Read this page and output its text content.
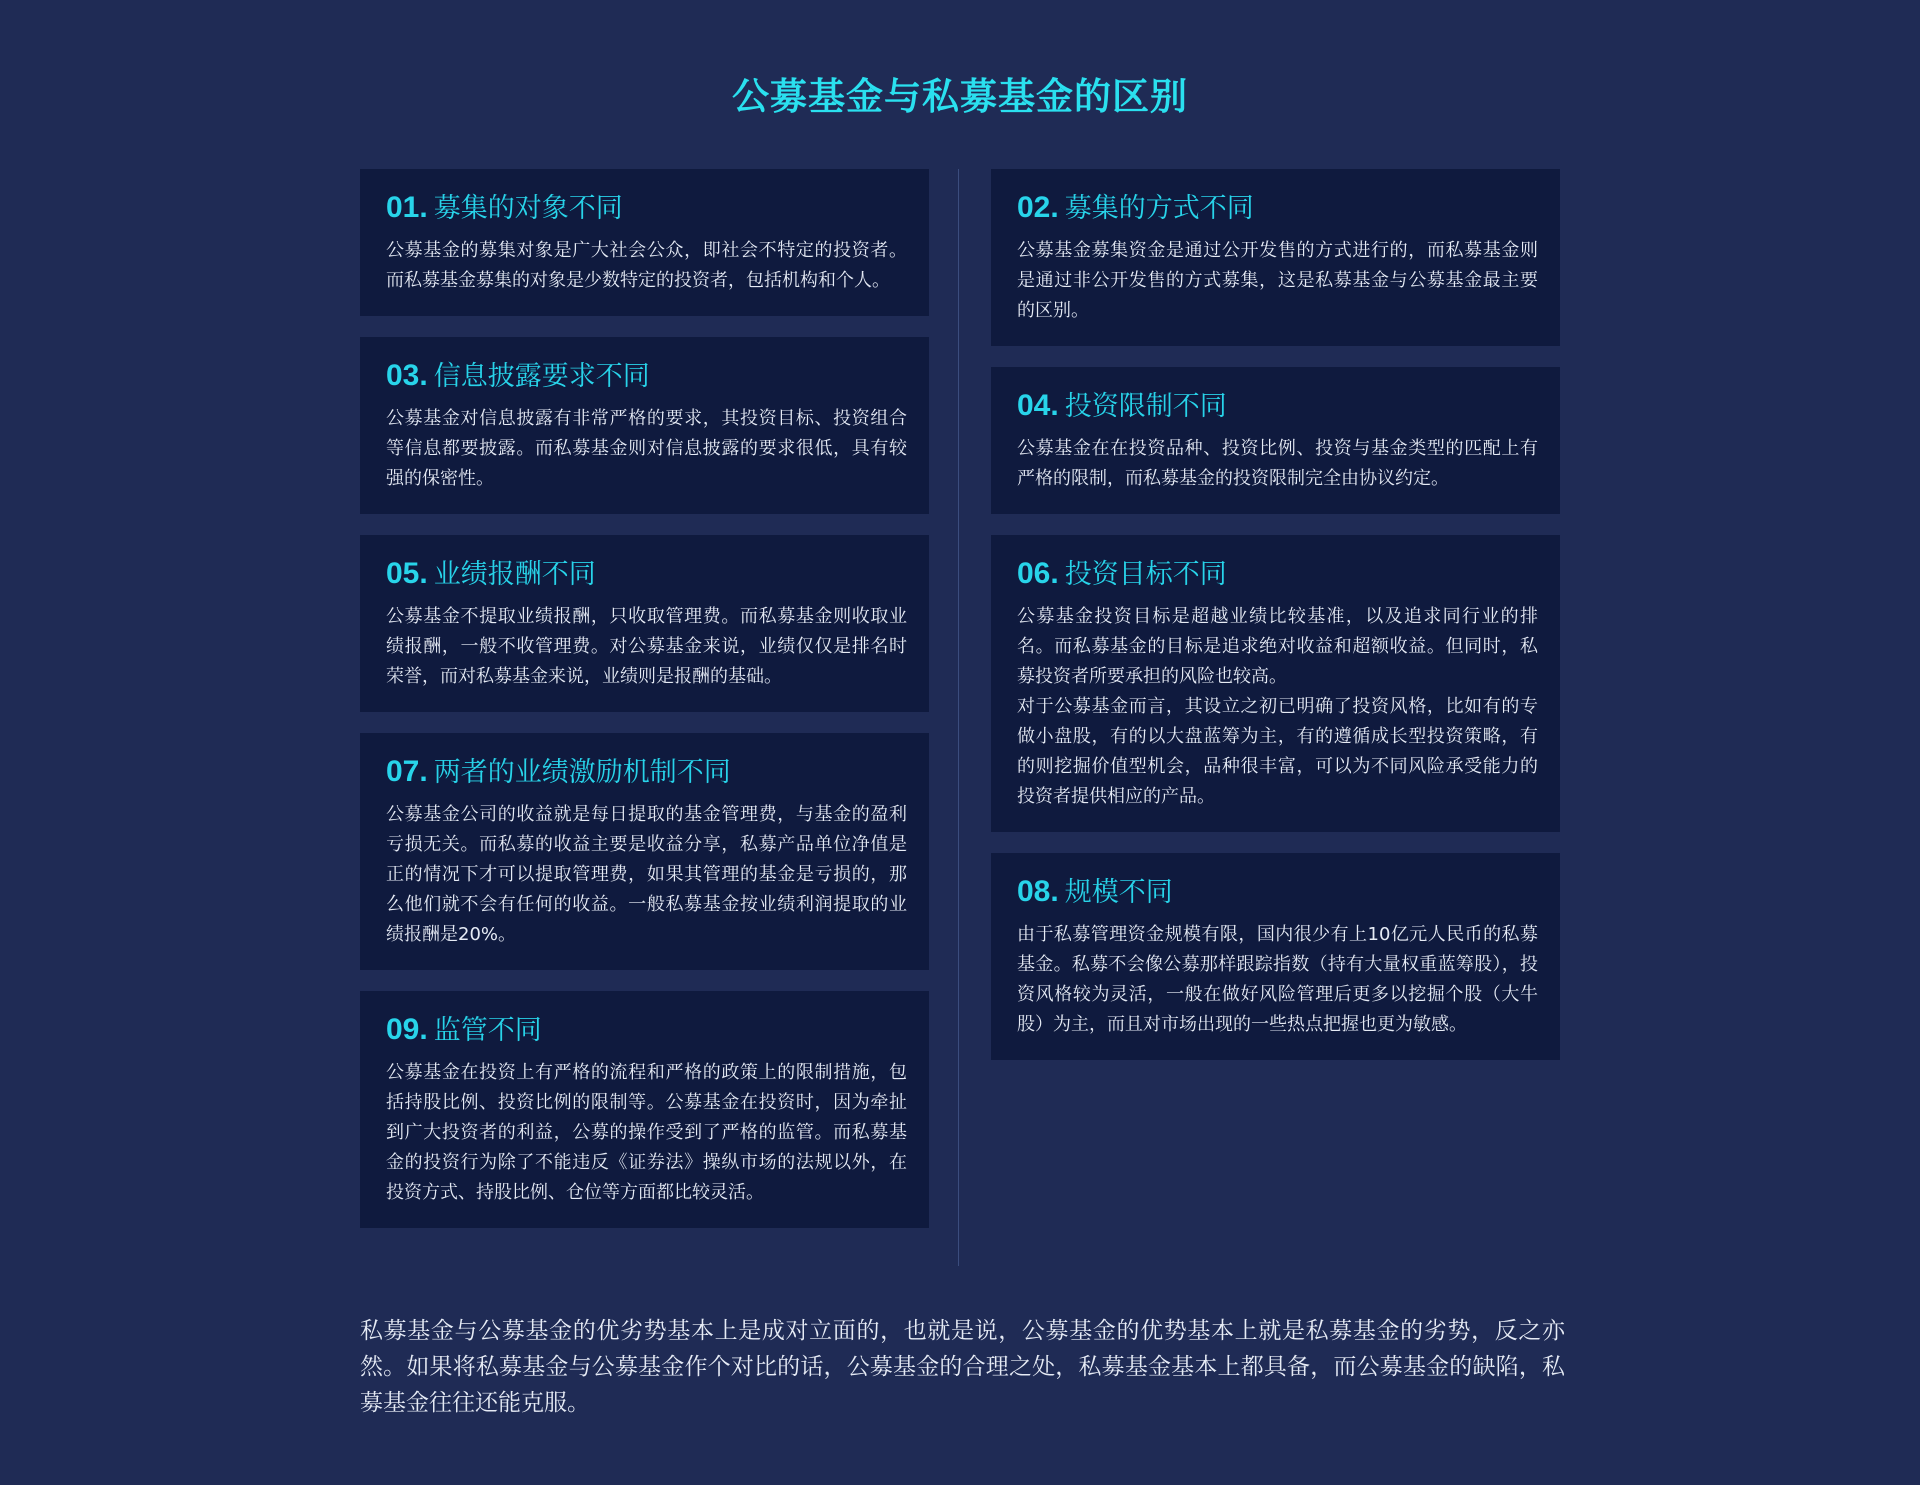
公募基金与私募基金的区别
01. 募集的对象不同

公募基金的募集对象是广大社会公众，即社会不特定的投资者。而私募基金募集的对象是少数特定的投资者，包括机构和个人。

03. 信息披露要求不同

公募基金对信息披露有非常严格的要求，其投资目标、投资组合等信息都要披露。而私募基金则对信息披露的要求很低，具有较强的保密性。

05. 业绩报酬不同

公募基金不提取业绩报酬，只收取管理费。而私募基金则收取业绩报酬，一般不收管理费。对公募基金来说，业绩仅仅是排名时荣誉，而对私募基金来说，业绩则是报酬的基础。

07. 两者的业绩激励机制不同

公募基金公司的收益就是每日提取的基金管理费，与基金的盈利亏损无关。而私募的收益主要是收益分享，私募产品单位净值是正的情况下才可以提取管理费，如果其管理的基金是亏损的，那么他们就不会有任何的收益。一般私募基金按业绩利润提取的业绩报酬是20%。

09. 监管不同

公募基金在投资上有严格的流程和严格的政策上的限制措施，包括持股比例、投资比例的限制等。公募基金在投资时，因为牵扯到广大投资者的利益，公募的操作受到了严格的监管。而私募基金的投资行为除了不能违反《证券法》操纵市场的法规以外，在投资方式、持股比例、仓位等方面都比较灵活。

02. 募集的方式不同

公募基金募集资金是通过公开发售的方式进行的，而私募基金则是通过非公开发售的方式募集，这是私募基金与公募基金最主要的区别。

04. 投资限制不同

公募基金在在投资品种、投资比例、投资与基金类型的匹配上有严格的限制，而私募基金的投资限制完全由协议约定。

06. 投资目标不同

公募基金投资目标是超越业绩比较基准，以及追求同行业的排名。而私募基金的目标是追求绝对收益和超额收益。但同时，私募投资者所要承担的风险也较高。
对于公募基金而言，其设立之初已明确了投资风格，比如有的专做小盘股，有的以大盘蓝筹为主，有的遵循成长型投资策略，有的则挖掘价值型机会，品种很丰富，可以为不同风险承受能力的投资者提供相应的产品。

08. 规模不同

由于私募管理资金规模有限，国内很少有上10亿元人民币的私募基金。私募不会像公募那样跟踪指数（持有大量权重蓝筹股），投资风格较为灵活，一般在做好风险管理后更多以挖掘个股（大牛股）为主，而且对市场出现的一些热点把握也更为敏感。

私募基金与公募基金的优劣势基本上是成对立面的，也就是说，公募基金的优势基本上就是私募基金的劣势，反之亦然。如果将私募基金与公募基金作个对比的话，公募基金的合理之处，私募基金基本上都具备，而公募基金的缺陷，私募基金往往还能克服。
